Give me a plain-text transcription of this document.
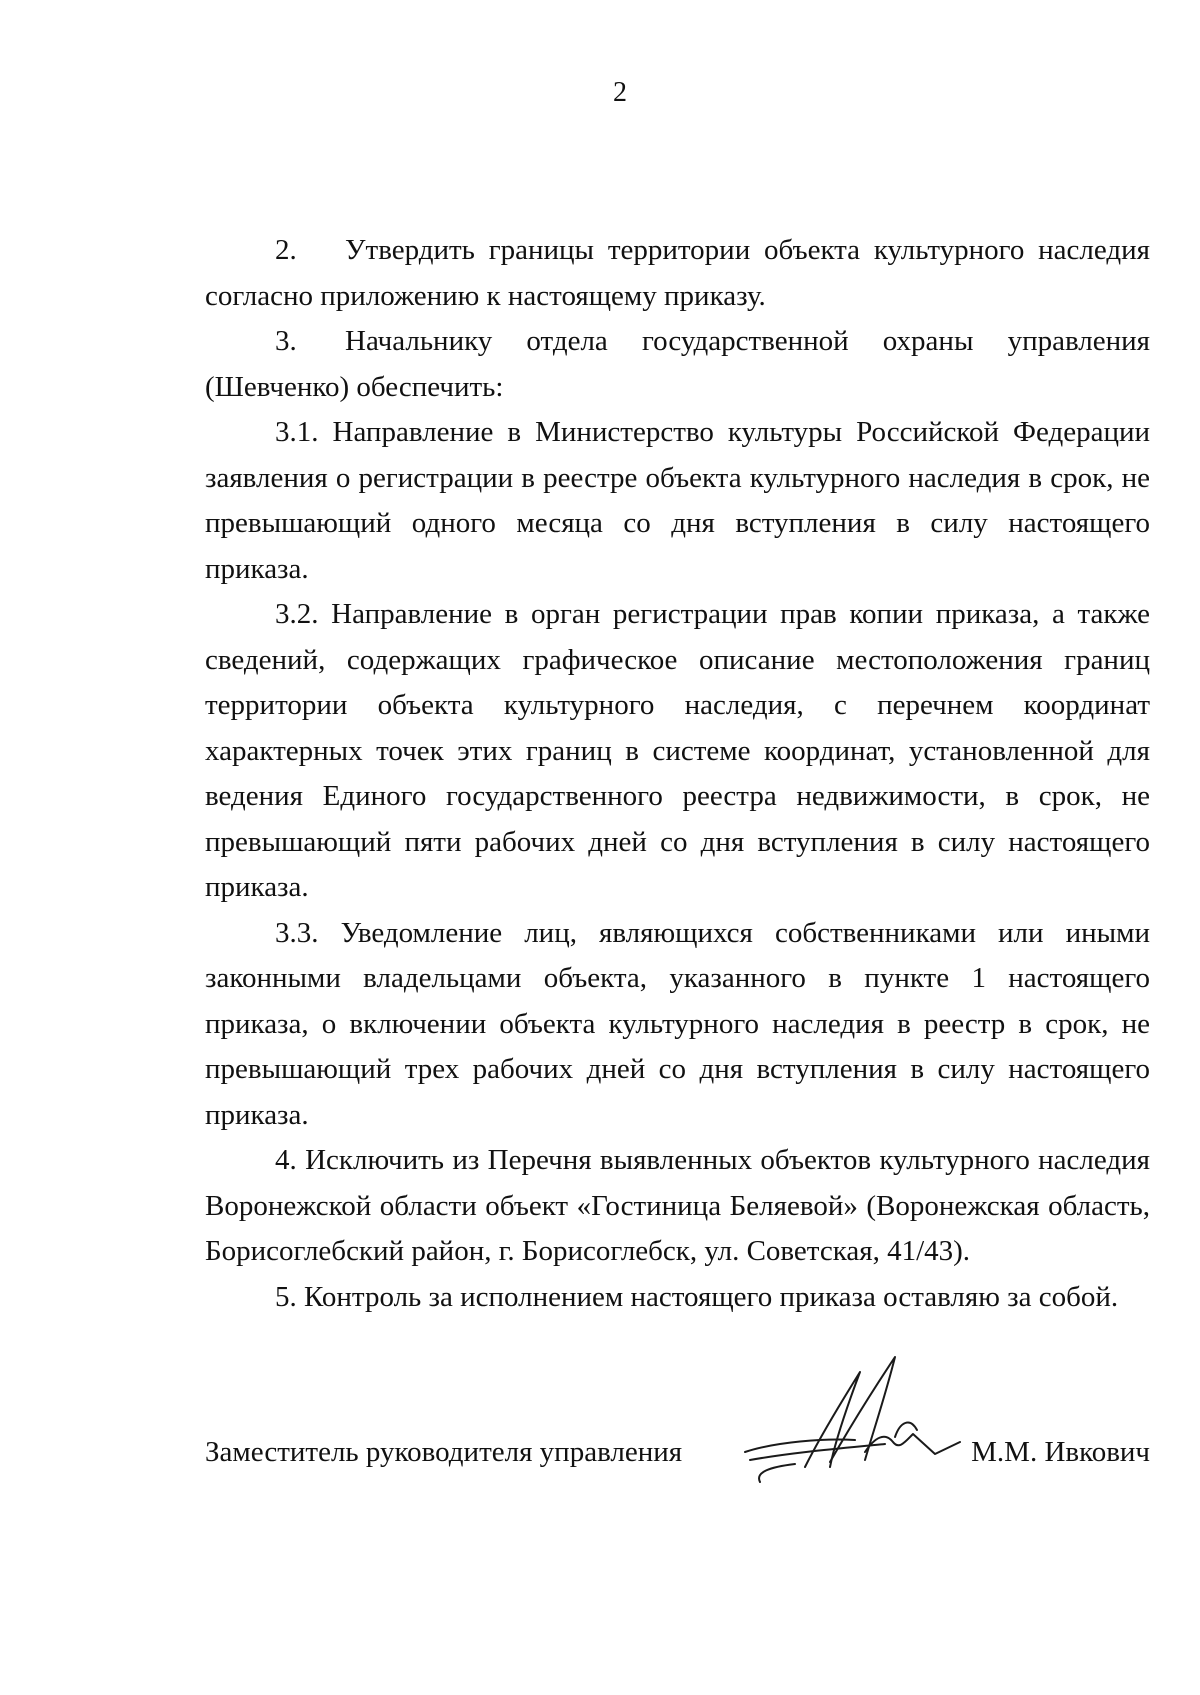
2

2. Утвердить границы территории объекта культурного наследия согласно приложению к настоящему приказу.

3. Начальнику отдела государственной охраны управления (Шевченко) обеспечить:

3.1. Направление в Министерство культуры Российской Федерации заявления о регистрации в реестре объекта культурного наследия в срок, не превышающий одного месяца со дня вступления в силу настоящего приказа.

3.2. Направление в орган регистрации прав копии приказа, а также сведений, содержащих графическое описание местоположения границ территории объекта культурного наследия, с перечнем координат характерных точек этих границ в системе координат, установленной для ведения Единого государственного реестра недвижимости, в срок, не превышающий пяти рабочих дней со дня вступления в силу настоящего приказа.

3.3. Уведомление лиц, являющихся собственниками или иными законными владельцами объекта, указанного в пункте 1 настоящего приказа, о включении объекта культурного наследия в реестр в срок, не превышающий трех рабочих дней со дня вступления в силу настоящего приказа.

4. Исключить из Перечня выявленных объектов культурного наследия Воронежской области объект «Гостиница Беляевой» (Воронежская область, Борисоглебский район, г. Борисоглебск, ул. Советская, 41/43).

5. Контроль за исполнением настоящего приказа оставляю за собой.

Заместитель руководителя управления	М.М. Ивкович
